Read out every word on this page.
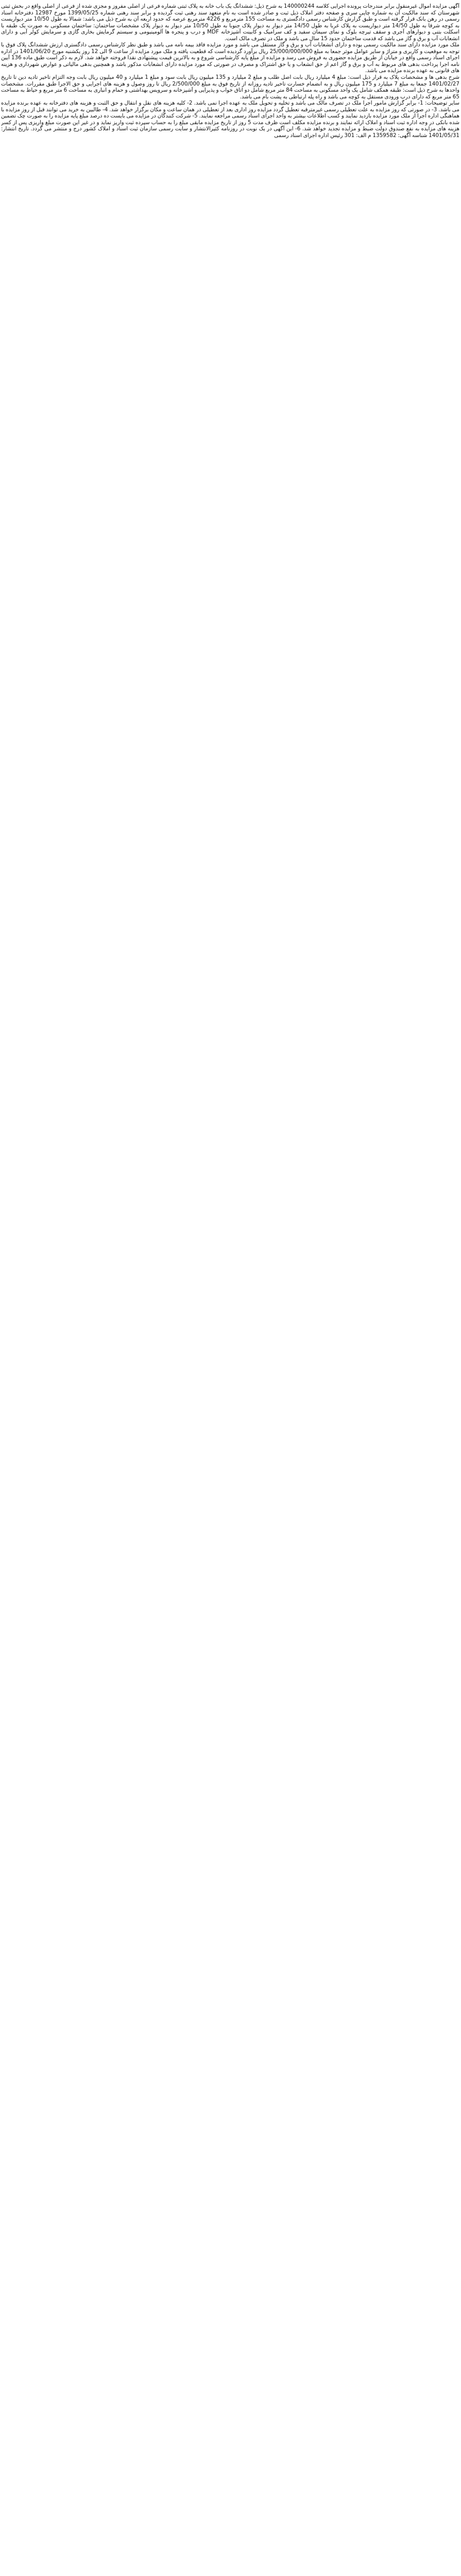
آگهی مزایده اموال غیرمنقول برابر مندرجات پرونده اجرایی کلاسه 140000244 به شرح ذیل: ششدانگ یک باب خانه به پلاک ثبتی شماره فرعی از اصلی مفروز و مجزی شده از فرعی از اصلی واقع در بخش ثبتی شهرستان که سند مالکیت آن به شماره چاپی سری و صفحه دفتر املاک ذیل ثبت و صادر شده است به نام متعهد سند رهنی ثبت گردیده و برابر سند رهنی شماره 1399/05/25 مورخ 12987 دفترخانه اسناد رسمی در رهن بانک قرار گرفته است و طبق گزارش کارشناس رسمی دادگستری به مساحت 155 مترمربع و 4226 مترمربع عرصه که حدود اربعه آن به شرح ذیل می باشد: شمالا به طول 10/50 متر دیواریست به کوچه شرقا به طول 14/50 متر دیواریست به پلاک غربا به طول 14/50 متر دیوار به دیوار پلاک جنوبا به طول 10/50 متر دیوار به دیوار پلاک مشخصات ساختمان: ساختمان مسکونی به صورت یک طبقه با اسکلت بتنی و دیوارهای آجری و سقف تیرچه بلوک و نمای سیمان سفید و کف سرامیک و کابینت آشپزخانه MDF و درب و پنجره ها آلومینیومی و سیستم گرمایش بخاری گازی و سرمایش کولر آبی و دارای انشعابات آب و برق و گاز می باشد که قدمت ساختمان حدود 15 سال می باشد و ملک در تصرف مالک است.

ملک مورد مزایده دارای سند مالکیت رسمی بوده و دارای انشعابات آب و برق و گاز مستقل می باشد و مورد مزایده فاقد بیمه نامه می باشد و طبق نظر کارشناس رسمی دادگستری ارزش ششدانگ پلاک فوق با توجه به موقعیت و کاربری و متراژ و سایر عوامل موثر جمعا به مبلغ 25/000/000/000 ریال برآورد گردیده است که قطعیت یافته و ملک مورد مزایده از ساعت 9 الی 12 روز یکشنبه مورخ 1401/06/20 در اداره اجرای اسناد رسمی واقع در خیابان از طریق مزایده حضوری به فروش می رسد و مزایده از مبلغ پایه کارشناسی شروع و به بالاترین قیمت پیشنهادی نقدا فروخته خواهد شد. لازم به ذکر است طبق ماده 136 آیین نامه اجرا پرداخت بدهی های مربوط به آب و برق و گاز اعم از حق انشعاب و یا حق اشتراک و مصرف در صورتی که مورد مزایده دارای انشعابات مذکور باشد و همچنین بدهی مالیاتی و عوارض شهرداری و هزینه های قانونی به عهده برنده مزایده می باشد.

شرح بدهی ها و مشخصات پلاک به قرار ذیل است: مبلغ 4 ميليارد ریال بابت اصل طلب و مبلغ 2 میلیارد و 135 میلیون ریال بابت سود و مبلغ 1 میلیارد و 40 میلیون ریال بابت وجه التزام تاخیر تادیه دین تا تاریخ 1401/02/27 جمعا به مبلغ 7 میلیارد و 175 میلیون ریال و به انضمام خسارت تاخیر تادیه روزانه از تاریخ فوق به مبلغ 2/500/000 ریال تا روز وصول و هزینه های اجرایی و حق الاجرا طبق مقررات. مشخصات واحدها به شرح ذیل است: طبقه همکف شامل یک واحد مسکونی به مساحت 84 متر مربع شامل دو اتاق خواب و پذیرایی و آشپزخانه و سرویس بهداشتی و حمام و انباری به مساحت 6 متر مربع و حیاط به مساحت 65 متر مربع که دارای درب ورودی مستقل به کوچه می باشد و راه پله ارتباطی به پشت بام می باشد.

سایر توضیحات: 1- برابر گزارش مامور اجرا ملک در تصرف مالک می باشد و تخلیه و تحویل ملک به عهده اجرا نمی باشد. 2- کلیه هزینه های نقل و انتقال و حق الثبت و هزینه های دفترخانه به عهده برنده مزایده می باشد. 3- در صورتی که روز مزایده به علت تعطیلی رسمی غیرمترقبه تعطیل گردد مزایده روز اداری بعد از تعطیلی در همان ساعت و مکان برگزار خواهد شد. 4- طالبین به خرید می توانند قبل از روز مزایده با هماهنگی اداره اجرا از ملک مورد مزایده بازدید نمایند و کسب اطلاعات بیشتر به واحد اجرای اسناد رسمی مراجعه نمایند. 5- شرکت کنندگان در مزایده می بایست ده درصد مبلغ پایه مزایده را به صورت چک تضمین شده بانکی در وجه اداره ثبت اسناد و املاک ارائه نمایند و برنده مزایده مکلف است ظرف مدت 5 روز از تاریخ مزایده مابقی مبلغ را به حساب سپرده ثبت واریز نماید و در غیر این صورت مبلغ واریزی پس از کسر هزینه های مزایده به نفع صندوق دولت ضبط و مزایده تجدید خواهد شد. 6- این آگهی در یک نوبت در روزنامه کثیرالانتشار و سایت رسمی سازمان ثبت اسناد و املاک کشور درج و منتشر می گردد. تاریخ انتشار: 1401/05/31 شناسه آگهی: 1359582 م الف: 301 رئیس اداره اجرای اسناد رسمی
